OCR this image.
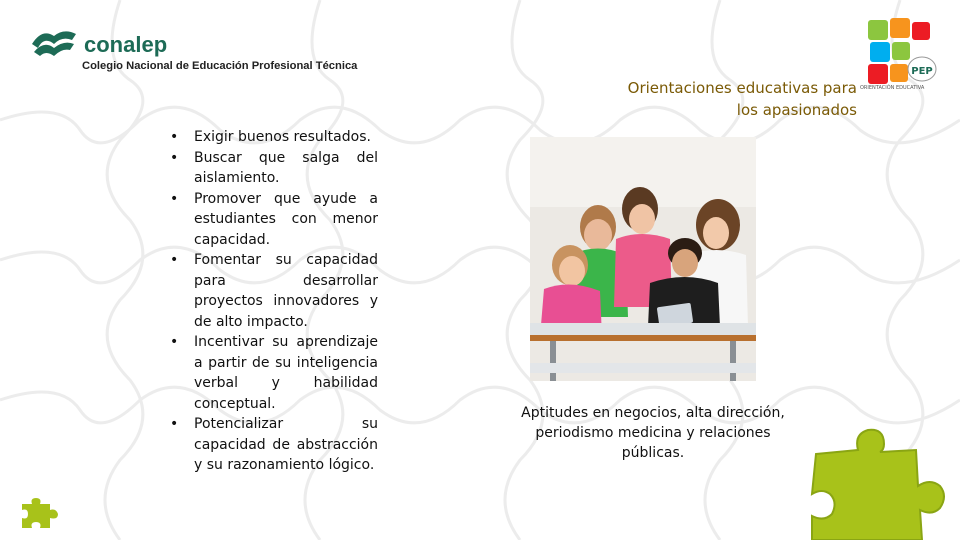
conalep
Colegio Nacional de Educación Profesional Técnica	PEP
ORIENTACIÓN EDUCATIVA
Orientaciones educativas para
los apasionados
• Exigir buenos resultados.
• Buscar que salga del aislamiento.
• Promover que ayude a estudiantes con menor capacidad.
• Fomentar su capacidad para desarrollar proyectos innovadores y de alto impacto.
• Incentivar su aprendizaje a partir de su inteligencia verbal y habilidad conceptual.
• Potencializar su capacidad de abstracción y su razonamiento lógico.
Aptitudes en negocios, alta dirección, periodismo medicina y relaciones públicas.
